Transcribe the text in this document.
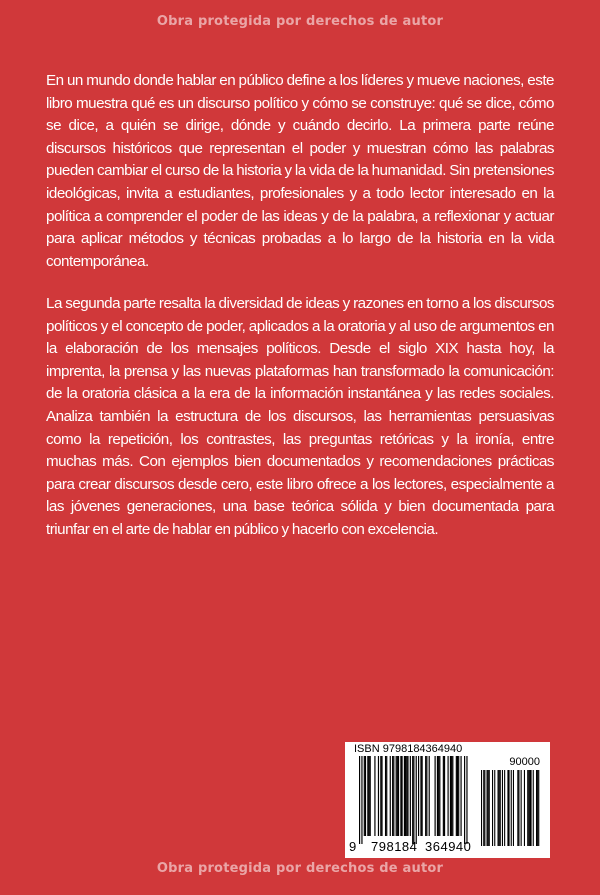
Obra protegida por derechos de autor

En un mundo donde hablar en público define a los líderes y mueve naciones, este libro muestra qué es un discurso político y cómo se construye: qué se dice, cómo se dice, a quién se dirige, dónde y cuándo decirlo. La primera parte reúne discursos históricos que representan el poder y muestran cómo las palabras pueden cambiar el curso de la historia y la vida de la humanidad. Sin pretensiones ideológicas, invita a estudiantes, profesionales y a todo lector interesado en la política a comprender el poder de las ideas y de la palabra, a reflexionar y actuar para aplicar métodos y técnicas probadas a lo largo de la historia en la vida contemporánea.

La segunda parte resalta la diversidad de ideas y razones en torno a los discursos políticos y el concepto de poder, aplicados a la oratoria y al uso de argumentos en la elaboración de los mensajes políticos. Desde el siglo XIX hasta hoy, la imprenta, la prensa y las nuevas plataformas han transformado la comunicación: de la oratoria clásica a la era de la información instantánea y las redes sociales. Analiza también la estructura de los discursos, las herramientas persuasivas como la repetición, los contrastes, las preguntas retóricas y la ironía, entre muchas más. Con ejemplos bien documentados y recomendaciones prácticas para crear discursos desde cero, este libro ofrece a los lectores, especialmente a las jóvenes generaciones, una base teórica sólida y bien documentada para triunfar en el arte de hablar en público y hacerlo con excelencia.

ISBN 9798184364940
90000
9 798184 364940
Obra protegida por derechos de autor
